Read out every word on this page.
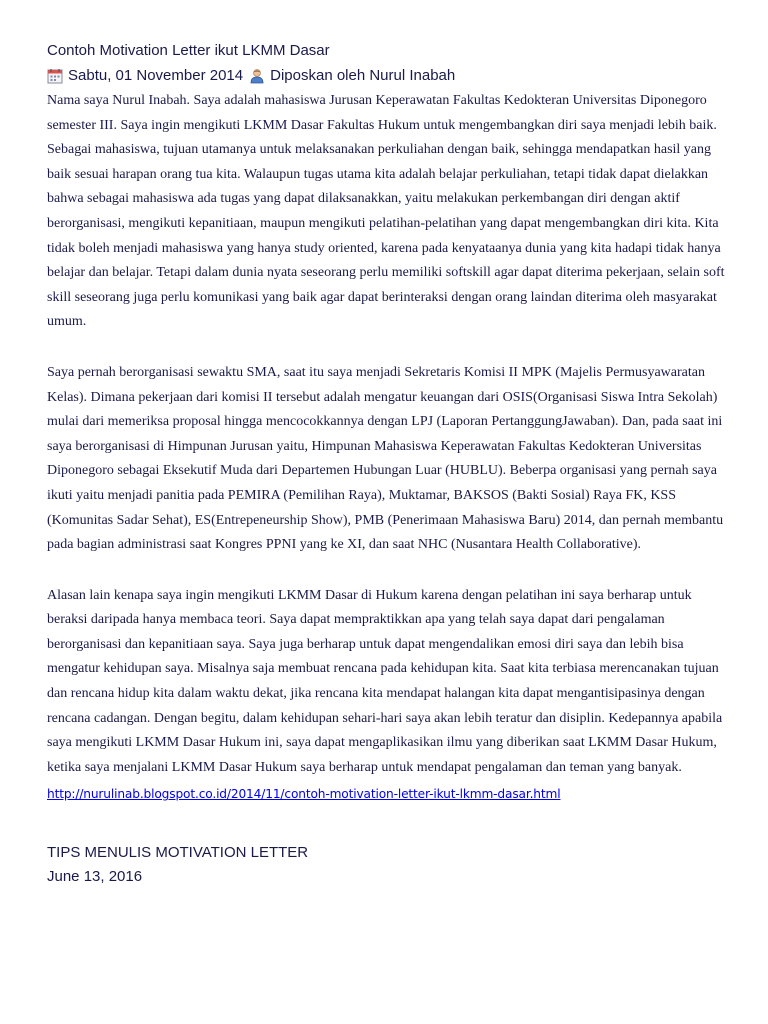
Contoh Motivation Letter ikut LKMM Dasar
Sabtu, 01 November 2014 Diposkan oleh Nurul Inabah

Nama saya Nurul Inabah. Saya adalah mahasiswa Jurusan Keperawatan Fakultas Kedokteran Universitas Diponegoro semester III. Saya ingin mengikuti LKMM Dasar Fakultas Hukum untuk mengembangkan diri saya menjadi lebih baik. Sebagai mahasiswa, tujuan utamanya untuk melaksanakan perkuliahan dengan baik, sehingga mendapatkan hasil yang baik sesuai harapan orang tua kita. Walaupun tugas utama kita adalah belajar perkuliahan, tetapi tidak dapat dielakkan bahwa sebagai mahasiswa ada tugas yang dapat dilaksanakkan, yaitu melakukan perkembangan diri dengan aktif berorganisasi, mengikuti kepanitiaan, maupun mengikuti pelatihan-pelatihan yang dapat mengembangkan diri kita. Kita tidak boleh menjadi mahasiswa yang hanya study oriented, karena pada kenyataanya dunia yang kita hadapi tidak hanya belajar dan belajar. Tetapi dalam dunia nyata seseorang perlu memiliki softskill agar dapat diterima pekerjaan, selain soft skill seseorang juga perlu komunikasi yang baik agar dapat berinteraksi dengan orang laindan diterima oleh masyarakat umum.

Saya pernah berorganisasi sewaktu SMA, saat itu saya menjadi Sekretaris Komisi II MPK (Majelis Permusyawaratan Kelas). Dimana pekerjaan dari komisi II tersebut adalah mengatur keuangan dari OSIS(Organisasi Siswa Intra Sekolah) mulai dari memeriksa proposal hingga mencocokkannya dengan LPJ (Laporan PertanggungJawaban). Dan, pada saat ini saya berorganisasi di Himpunan Jurusan yaitu, Himpunan Mahasiswa Keperawatan Fakultas Kedokteran Universitas Diponegoro sebagai Eksekutif Muda dari Departemen Hubungan Luar (HUBLU). Beberpa organisasi yang pernah saya ikuti yaitu menjadi panitia pada PEMIRA (Pemilihan Raya), Muktamar, BAKSOS (Bakti Sosial) Raya FK, KSS (Komunitas Sadar Sehat), ES(Entrepeneurship Show), PMB (Penerimaan Mahasiswa Baru) 2014, dan pernah membantu pada bagian administrasi saat Kongres PPNI yang ke XI, dan saat NHC (Nusantara Health Collaborative).

Alasan lain kenapa saya ingin mengikuti LKMM Dasar di Hukum karena dengan pelatihan ini saya berharap untuk beraksi daripada hanya membaca teori. Saya dapat mempraktikkan apa yang telah saya dapat dari pengalaman berorganisasi dan kepanitiaan saya. Saya juga berharap untuk dapat mengendalikan emosi diri saya dan lebih bisa mengatur kehidupan saya. Misalnya saja membuat rencana pada kehidupan kita. Saat kita terbiasa merencanakan tujuan dan rencana hidup kita dalam waktu dekat, jika rencana kita mendapat halangan kita dapat mengantisipasinya dengan rencana cadangan. Dengan begitu, dalam kehidupan sehari-hari saya akan lebih teratur dan disiplin. Kedepannya apabila saya mengikuti LKMM Dasar Hukum ini, saya dapat mengaplikasikan ilmu yang diberikan saat LKMM Dasar Hukum, ketika saya menjalani LKMM Dasar Hukum saya berharap untuk mendapat pengalaman dan teman yang banyak.

http://nurulinab.blogspot.co.id/2014/11/contoh-motivation-letter-ikut-lkmm-dasar.html
TIPS MENULIS MOTIVATION LETTER
June 13, 2016
